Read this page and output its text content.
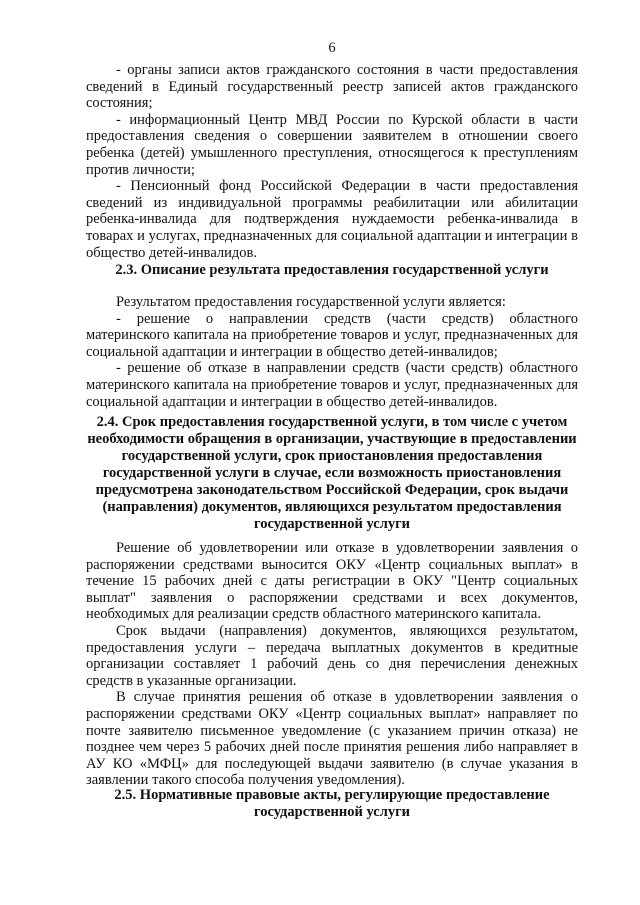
6

- органы записи актов гражданского состояния в части предоставления сведений в Единый государственный реестр записей актов гражданского состояния;

- информационный Центр МВД России по Курской области в части предоставления сведения о совершении заявителем в отношении своего ребенка (детей) умышленного преступления, относящегося к преступлениям против личности;

- Пенсионный фонд Российской Федерации в части предоставления сведений из индивидуальной программы реабилитации или абилитации ребенка-инвалида для подтверждения нуждаемости ребенка-инвалида в товарах и услугах, предназначенных для социальной адаптации и интеграции в общество детей-инвалидов.

2.3. Описание результата предоставления государственной услуги

Результатом предоставления государственной услуги является:

- решение о направлении средств (части средств) областного материнского капитала на приобретение товаров и услуг, предназначенных для социальной адаптации и интеграции в общество детей-инвалидов;

- решение об отказе в направлении средств (части средств) областного материнского капитала на приобретение товаров и услуг, предназначенных для социальной адаптации и интеграции в общество детей-инвалидов.

2.4. Срок предоставления государственной услуги, в том числе с учетом необходимости обращения в организации, участвующие в предоставлении государственной услуги, срок приостановления предоставления государственной услуги в случае, если возможность приостановления предусмотрена законодательством Российской Федерации, срок выдачи (направления) документов, являющихся результатом предоставления государственной услуги

Решение об удовлетворении или отказе в удовлетворении заявления о распоряжении средствами выносится ОКУ «Центр социальных выплат» в течение 15 рабочих дней с даты регистрации в ОКУ "Центр социальных выплат" заявления о распоряжении средствами и всех документов, необходимых для реализации средств областного материнского капитала.

Срок выдачи (направления) документов, являющихся результатом, предоставления услуги – передача выплатных документов в кредитные организации составляет 1 рабочий день со дня перечисления денежных средств в указанные организации.

В случае принятия решения об отказе в удовлетворении заявления о распоряжении средствами ОКУ «Центр социальных выплат» направляет по почте заявителю письменное уведомление (с указанием причин отказа) не позднее чем через 5 рабочих дней после принятия решения либо направляет в АУ КО «МФЦ» для последующей выдачи заявителю (в случае указания в заявлении такого способа получения уведомления).

2.5. Нормативные правовые акты, регулирующие предоставление государственной услуги
